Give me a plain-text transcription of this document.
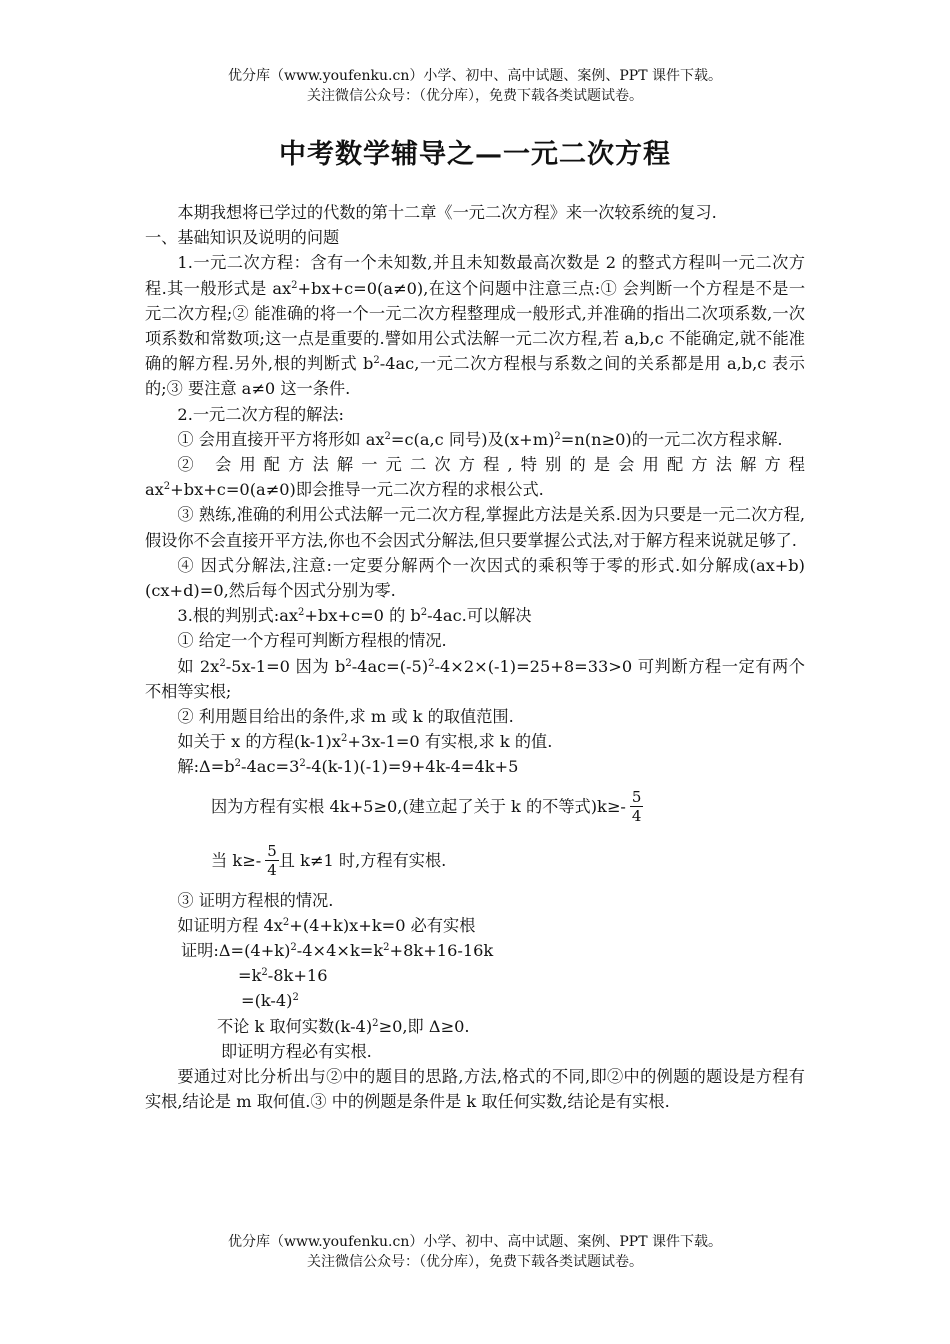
优分库（www.youfenku.cn）小学、初中、高中试题、案例、PPT 课件下载。
关注微信公众号：（优分库），免费下载各类试题试卷。
中考数学辅导之—一元二次方程

本期我想将已学过的代数的第十二章《一元二次方程》来一次较系统的复习.

一、基础知识及说明的问题

1.一元二次方程：含有一个未知数,并且未知数最高次数是 2 的整式方程叫一元二次方程.其一般形式是 $ax^2+bx+c=0(a\ne 0)$,在这个问题中注意三点:① 会判断一个方程是不是一元二次方程;② 能准确的将一个一元二次方程整理成一般形式,并准确的指出二次项系数,一次项系数和常数项;这一点是重要的.譬如用公式法解一元二次方程,若 a,b,c 不能确定,就不能准确的解方程.另外,根的判断式 $b^2-4ac$,一元二次方程根与系数之间的关系都是用 a,b,c 表示的;③ 要注意 a≠0 这一条件.

2.一元二次方程的解法:

① 会用直接开平方将形如 $ax^2=c(a,c$ 同号)及$(x+m)^2=n(n\ge 0)$的一元二次方程求解.

② 会用配方法解一元二次方程,特别的是会用配方法解方程

$ax^2+bx+c=0(a\ne 0)$即会推导一元二次方程的求根公式.

③ 熟练,准确的利用公式法解一元二次方程,掌握此方法是关系.因为只要是一元二次方程,假设你不会直接开平方法,你也不会因式分解法,但只要掌握公式法,对于解方程来说就足够了.

④ 因式分解法,注意:一定要分解两个一次因式的乘积等于零的形式.如分解成(ax+b)(cx+d)=0,然后每个因式分别为零.

3.根的判别式$:ax^2+bx+c=0$ 的 $b^2-4ac$.可以解决

① 给定一个方程可判断方程根的情况.

如 $2x^2-5x-1=0$ 因为 $b^2-4ac=(-5)^2-4\times 2\times(-1)=25+8=33>0$ 可判断方程一定有两个不相等实根;

② 利用题目给出的条件,求 m 或 k 的取值范围.

如关于 x 的方程$(k-1)x^2+3x-1=0$ 有实根,求 k 的值.

解$:\Delta=b^2-4ac=3^2-4(k-1)(-1)=9+4k-4=4k+5$

因为方程有实根 4k+5≥0,(建立起了关于 k 的不等式)$k\ge- \frac{5}{4}$
当 $k\ge- \frac{5}{4}$ 且 k≠1 时,方程有实根.

③ 证明方程根的情况.

如证明方程 $4x^2+(4+k)x+k=0$ 必有实根

证明$:\Delta=(4+k)^2-4\times 4\times k=k^2+8k+16-16k$

$=k^2-8k+16$

$=(k-4)^2$

不论 k 取何实数$(k-4)^2\ge 0$,即 Δ≥0.

即证明方程必有实根.

要通过对比分析出与②中的题目的思路,方法,格式的不同,即②中的例题的题设是方程有实根,结论是 m 取何值.③ 中的例题是条件是 k 取任何实数,结论是有实根.

优分库（www.youfenku.cn）小学、初中、高中试题、案例、PPT 课件下载。
关注微信公众号：（优分库），免费下载各类试题试卷。
